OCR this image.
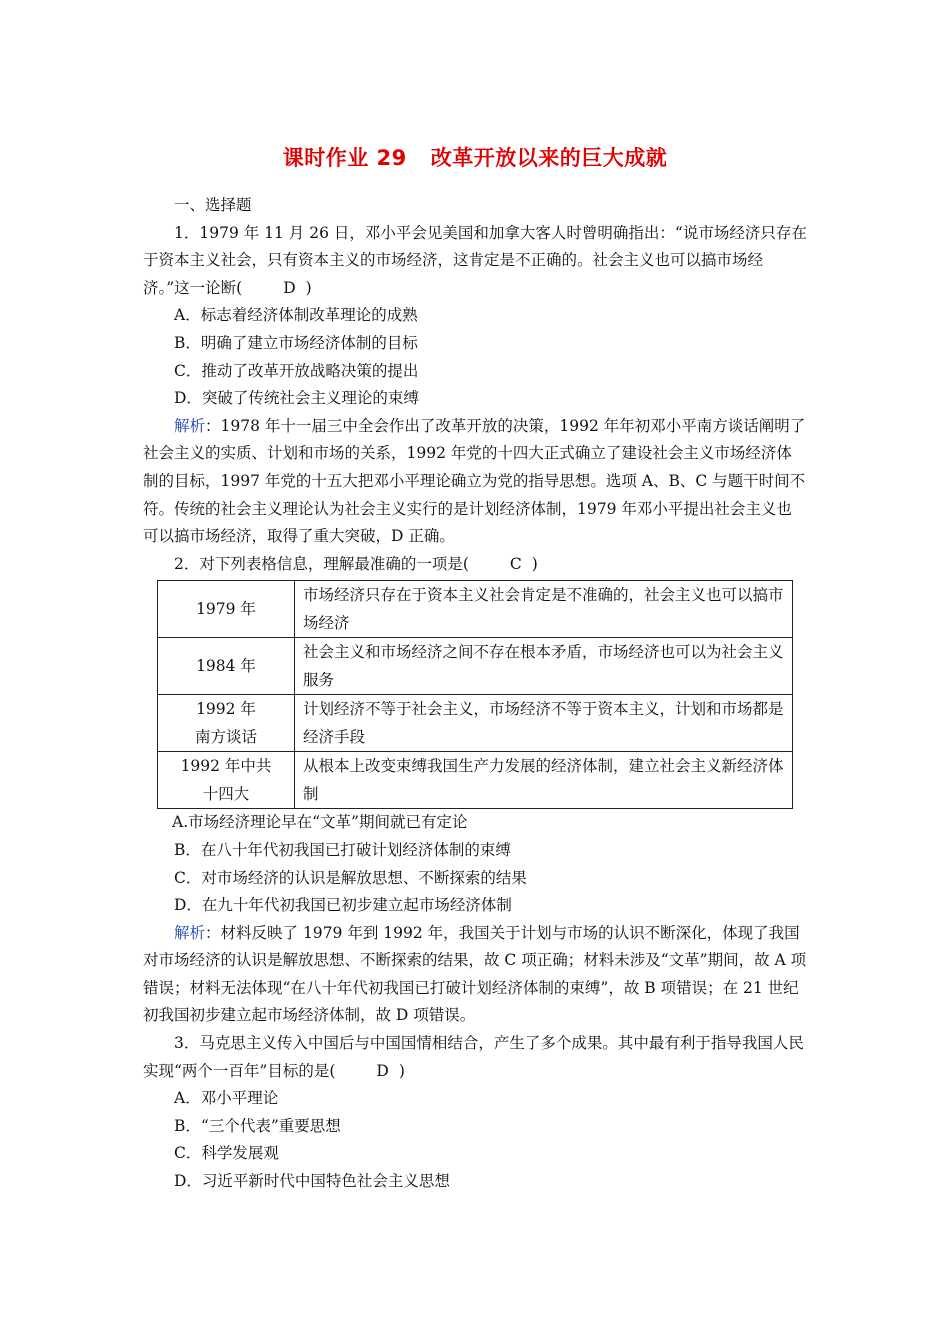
课时作业 29 改革开放以来的巨大成就

一、选择题

1．1979 年 11 月 26 日，邓小平会见美国和加拿大客人时曾明确指出：“说市场经济只存在于资本主义社会，只有资本主义的市场经济，这肯定是不正确的。社会主义也可以搞市场经济。”这一论断(	D )

A．标志着经济体制改革理论的成熟

B．明确了建立市场经济体制的目标

C．推动了改革开放战略决策的提出

D．突破了传统社会主义理论的束缚

解析：1978 年十一届三中全会作出了改革开放的决策，1992 年年初邓小平南方谈话阐明了社会主义的实质、计划和市场的关系，1992 年党的十四大正式确立了建设社会主义市场经济体制的目标，1997 年党的十五大把邓小平理论确立为党的指导思想。选项 A、B、C 与题干时间不符。传统的社会主义理论认为社会主义实行的是计划经济体制，1979 年邓小平提出社会主义也可以搞市场经济，取得了重大突破，D 正确。

2．对下列表格信息，理解最准确的一项是(	C )

1979 年	市场经济只存在于资本主义社会肯定是不准确的，社会主义也可以搞市场经济
1984 年	社会主义和市场经济之间不存在根本矛盾，市场经济也可以为社会主义服务
1992 年
南方谈话	计划经济不等于社会主义，市场经济不等于资本主义，计划和市场都是经济手段
1992 年中共
十四大	从根本上改变束缚我国生产力发展的经济体制，建立社会主义新经济体制

A.市场经济理论早在“文革”期间就已有定论

B．在八十年代初我国已打破计划经济体制的束缚

C．对市场经济的认识是解放思想、不断探索的结果

D．在九十年代初我国已初步建立起市场经济体制

解析：材料反映了 1979 年到 1992 年，我国关于计划与市场的认识不断深化，体现了我国对市场经济的认识是解放思想、不断探索的结果，故 C 项正确；材料未涉及“文革”期间，故 A 项错误；材料无法体现“在八十年代初我国已打破计划经济体制的束缚”，故 B 项错误；在 21 世纪初我国初步建立起市场经济体制，故 D 项错误。

3．马克思主义传入中国后与中国国情相结合，产生了多个成果。其中最有利于指导我国人民实现“两个一百年”目标的是(	D )

A．邓小平理论

B．“三个代表”重要思想

C．科学发展观

D．习近平新时代中国特色社会主义思想
